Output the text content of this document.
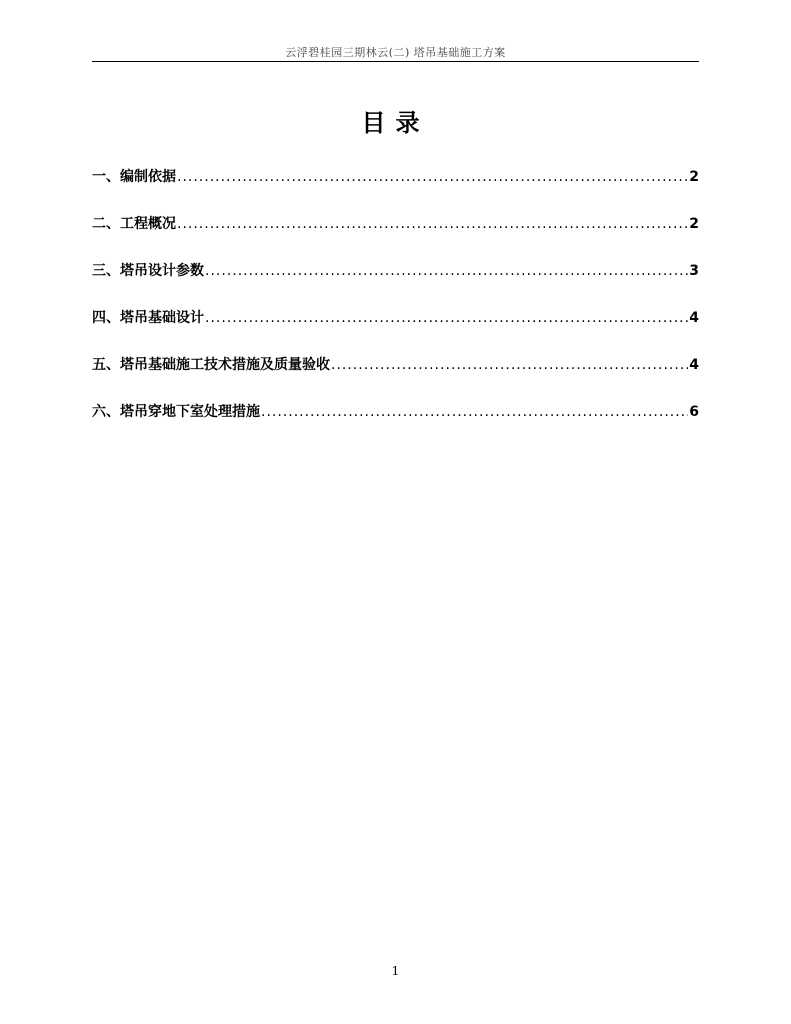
云浮碧桂园三期林云(二) 塔吊基础施工方案
目录
一、编制依据 .....	2
二、工程概况 .....	2
三、塔吊设计参数 .....	3
四、塔吊基础设计 .....	4
五、塔吊基础施工技术措施及质量验收 .....	4
六、塔吊穿地下室处理措施 .....	6
1
